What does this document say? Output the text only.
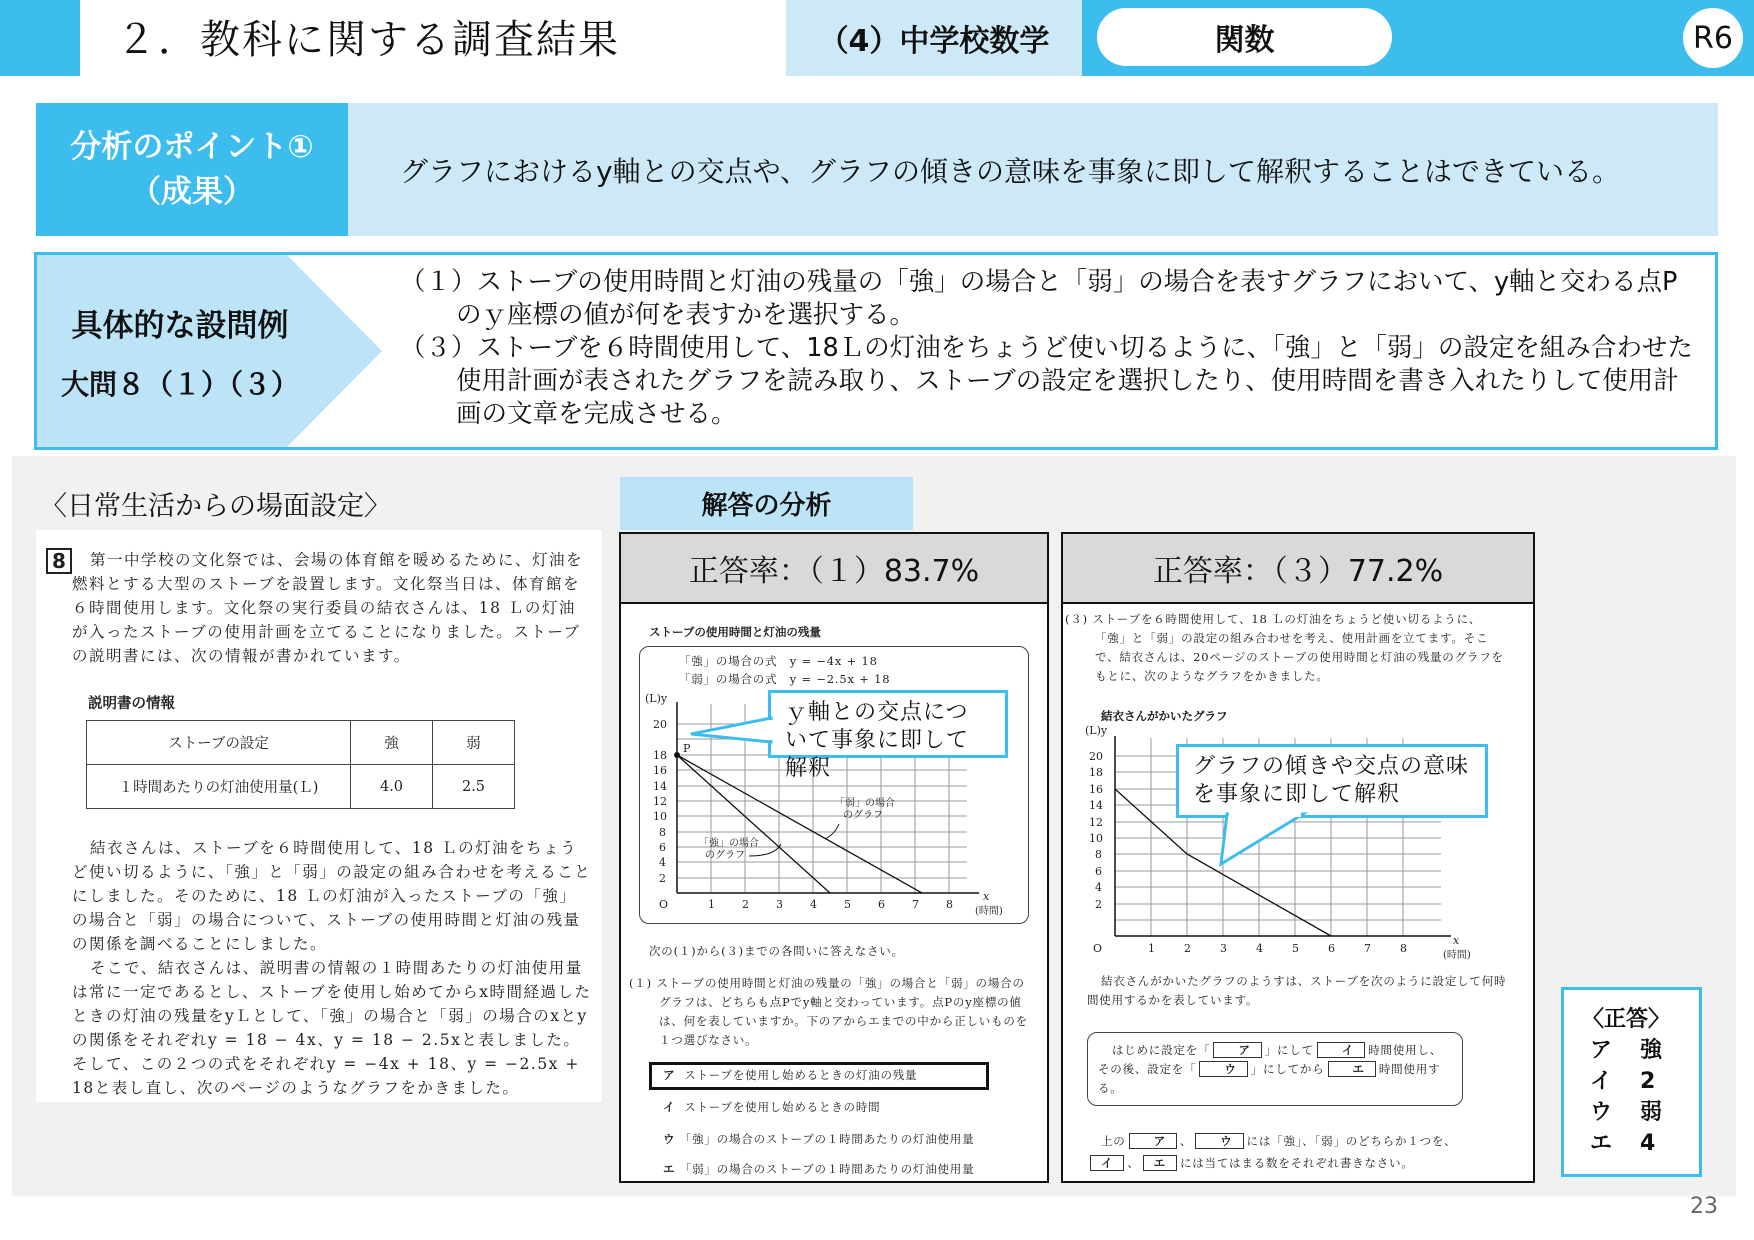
２．教科に関する調査結果	（4）中学校数学	関数	R6
分析のポイント①
（成果）
グラフにおけるy軸との交点や、グラフの傾きの意味を事象に即して解釈することはできている。
具体的な設問例
大問８（１）（３）
（１）ストーブの使用時間と灯油の残量の「強」の場合と「弱」の場合を表すグラフにおいて、y軸と交わる点Pのｙ座標の値が何を表すかを選択する。
（３）ストーブを６時間使用して、18Ｌの灯油をちょうど使い切るように、「強」と「弱」の設定を組み合わせた使用計画が表されたグラフを読み取り、ストーブの設定を選択したり、使用時間を書き入れたりして使用計画の文章を完成させる。
〈日常生活からの場面設定〉
8	第一中学校の文化祭では、会場の体育館を暖めるために、灯油を燃料とする大型のストーブを設置します。文化祭当日は、体育館を６時間使用します。文化祭の実行委員の結衣さんは、18 Ｌの灯油が入ったストーブの使用計画を立てることになりました。ストーブの説明書には、次の情報が書かれています。
説明書の情報
ストーブの設定	強	弱
１時間あたりの灯油使用量(Ｌ)	4.0	2.5
結衣さんは、ストーブを６時間使用して、18 Ｌの灯油をちょうど使い切るように、「強」と「弱」の設定の組み合わせを考えることにしました。そのために、18 Ｌの灯油が入ったストーブの「強」の場合と「弱」の場合について、ストーブの使用時間と灯油の残量の関係を調べることにしました。
そこで、結衣さんは、説明書の情報の１時間あたりの灯油使用量は常に一定であるとし、ストーブを使用し始めてからx時間経過したときの灯油の残量をyＬとして、「強」の場合と「弱」の場合のxとyの関係をそれぞれy = 18 − 4x、y = 18 − 2.5xと表しました。そして、この２つの式をそれぞれy = −4x + 18、y = −2.5x + 18と表し直し、次のページのようなグラフをかきました。
解答の分析
正答率：（１）83.7%
ストーブの使用時間と灯油の残量
「強」の場合の式　y = −4x + 18
「弱」の場合の式　y = −2.5x + 18
(L)y
P
20
18
16
14
12
10
8
6
4
2
O	1 2 3 4 5 6 7 8
x
(時間)
「弱」の場合
のグラフ
「強」の場合
のグラフ
ｙ軸との交点について事象に即して解釈
次の(１)から(３)までの各問いに答えなさい。
(１) ストーブの使用時間と灯油の残量の「強」の場合と「弱」の場合のグラフは、どちらも点Pでy軸と交わっています。点Pのy座標の値は、何を表していますか。下のアからエまでの中から正しいものを１つ選びなさい。
ア ストーブを使用し始めるときの灯油の残量
イ ストーブを使用し始めるときの時間
ウ 「強」の場合のストーブの１時間あたりの灯油使用量
エ 「弱」の場合のストーブの１時間あたりの灯油使用量
正答率：（３）77.2%
(３) ストーブを６時間使用して、18 Ｌの灯油をちょうど使い切るように、「強」と「弱」の設定の組み合わせを考え、使用計画を立てます。そこで、結衣さんは、20ページのストーブの使用時間と灯油の残量のグラフをもとに、次のようなグラフをかきました。
結衣さんがかいたグラフ
(L)y
20
18
16
14
12
10
8
6
4
2
O	1	2	3	4	5	6	7	8
x
(時間)
グラフの傾きや交点の意味を事象に即して解釈
結衣さんがかいたグラフのようすは、ストーブを次のように設定して何時間使用するかを表しています。
はじめに設定を「 ア 」にして イ 時間使用し、その後、設定を「 ウ 」にしてから エ 時間使用する。
上の ア 、 ウ には「強」、「弱」のどちらか１つを、
イ 、 エ には当てはまる数をそれぞれ書きなさい。
〈正答〉
ア	強
イ	2
ウ	弱
エ	4
23
